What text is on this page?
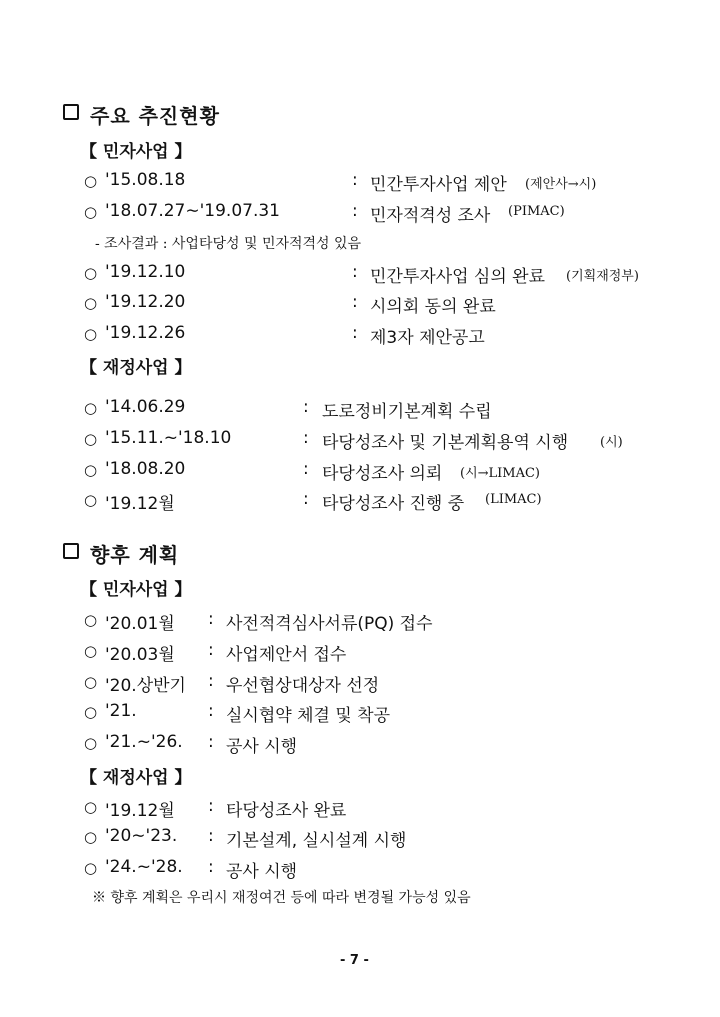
주요 추진현황
【 민자사업 】
○ '15.08.18	: 민간투자사업 제안 (제안사→시)
○ '18.07.27∼'19.07.31	: 민자적격성 조사 (PIMAC)
- 조사결과 : 사업타당성 및 민자적격성 있음
○ '19.12.10	: 민간투자사업 심의 완료 (기획재정부)
○ '19.12.20	: 시의회 동의 완료
○ '19.12.26	: 제3자 제안공고
【 재정사업 】
○ '14.06.29	: 도로정비기본계획 수립
○ '15.11.~'18.10	: 타당성조사 및 기본계획용역 시행 (시)
○ '18.08.20	: 타당성조사 의뢰 (시→LIMAC)
○ '19.12월	: 타당성조사 진행 중 (LIMAC)
향후 계획
【 민자사업 】
○ '20.01월 : 사전적격심사서류(PQ) 접수
○ '20.03월 : 사업제안서 접수
○ '20.상반기 : 우선협상대상자 선정
○ '21.	: 실시협약 체결 및 착공
○ '21.~'26. : 공사 시행
【 재정사업 】
○ '19.12월 : 타당성조사 완료
○ '20∼'23. : 기본설계, 실시설계 시행
○ '24.~'28. : 공사 시행
※ 향후 계획은 우리시 재정여건 등에 따라 변경될 가능성 있음
- 7 -
